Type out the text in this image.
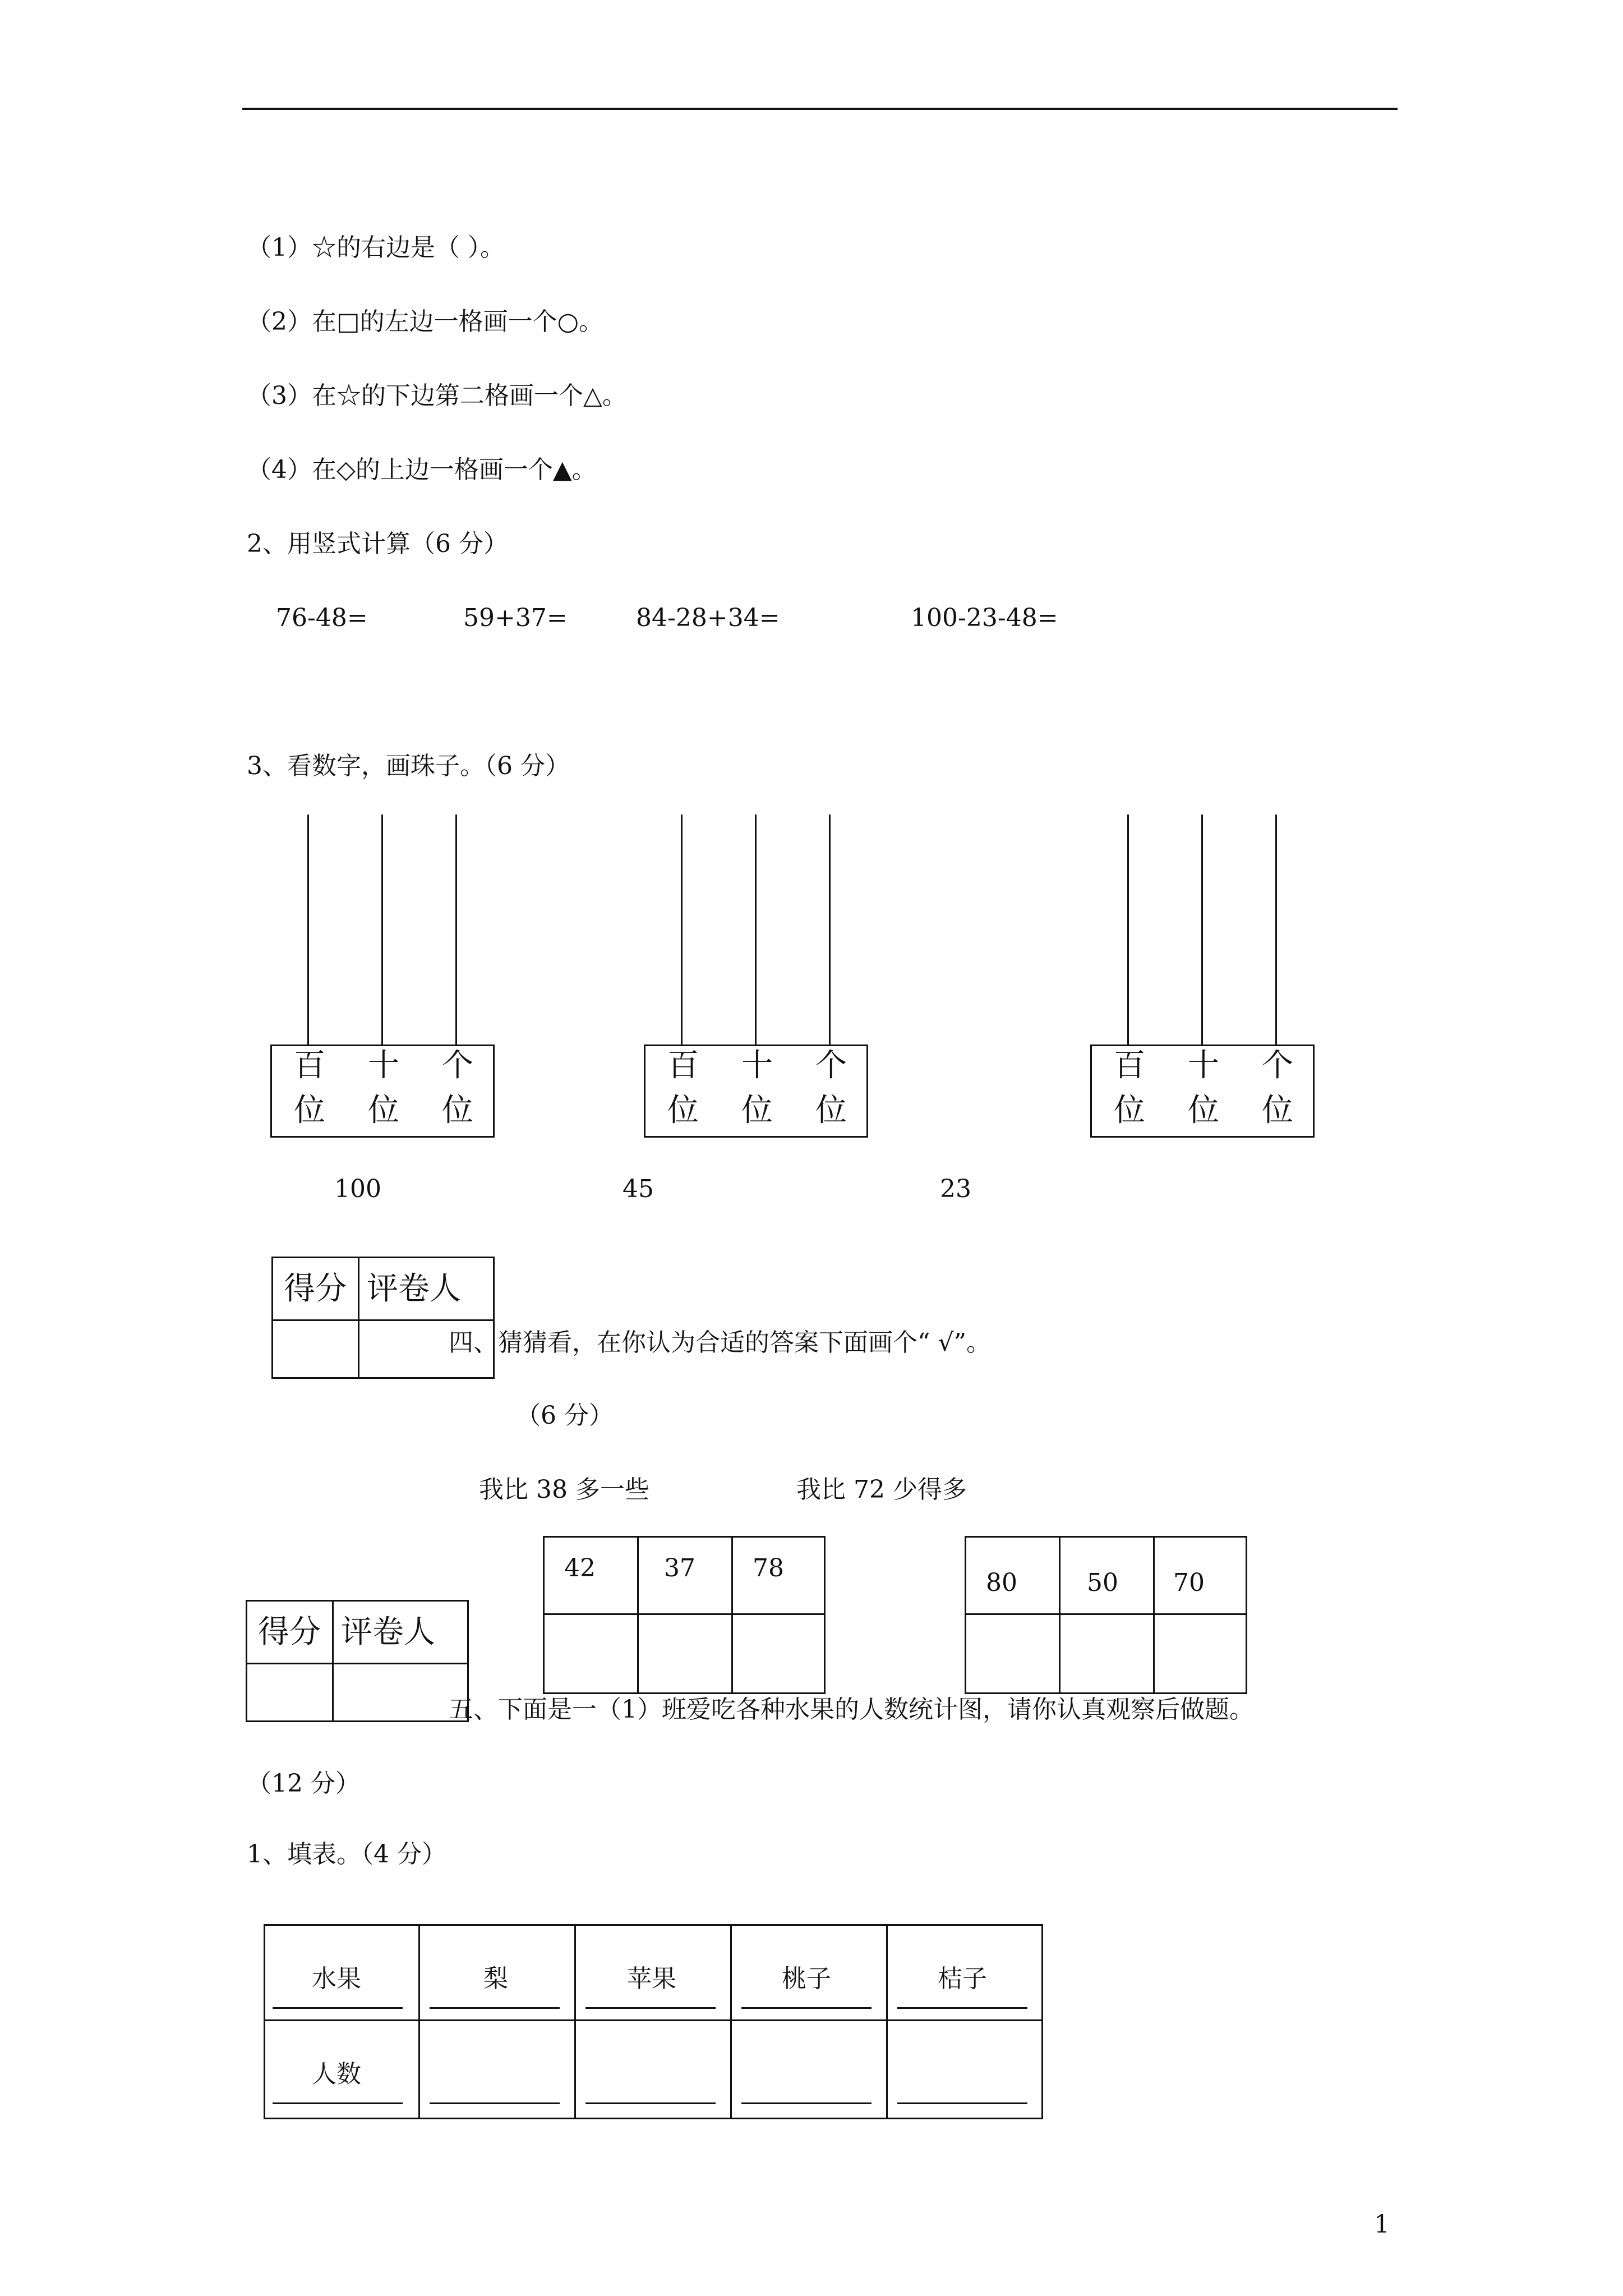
（1）☆的右边是（ ）。
（2）在□的左边一格画一个○。
（3）在☆的下边第二格画一个△。
（4）在◇的上边一格画一个▲。
2、用竖式计算（6 分）
76-48=	59+37=	84-28+34=	100-23-48=
3、看数字，画珠子。（6 分）
百 十 个
位 位 位
百 十 个
位 位 位
百 十 个
位 位 位
100	45	23
得分 评卷人
四、猜猜看，在你认为合适的答案下面画个“ √”。
（6 分）
我比 38 多一些	我比 72 少得多
42	37 78
80	50 70
得分 评卷人
五、下面是一（1）班爱吃各种水果的人数统计图，请你认真观察后做题。
（12 分）
1、填表。（4 分）
水果	梨	苹果	桃子	桔子
人数
1
